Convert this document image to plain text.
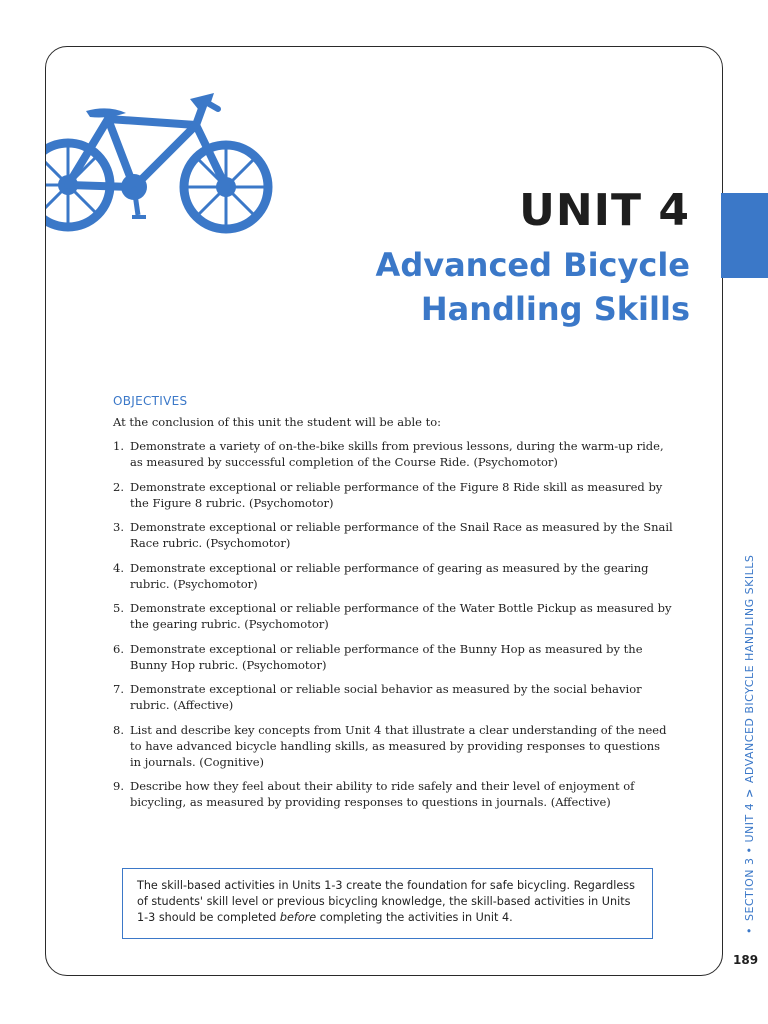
UNIT 4
Advanced Bicycle
Handling Skills

OBJECTIVES

At the conclusion of this unit the student will be able to:

1. Demonstrate a variety of on-the-bike skills from previous lessons, during the warm-up ride, as measured by successful completion of the Course Ride. (Psychomotor)
2. Demonstrate exceptional or reliable performance of the Figure 8 Ride skill as measured by the Figure 8 rubric. (Psychomotor)
3. Demonstrate exceptional or reliable performance of the Snail Race as measured by the Snail Race rubric. (Psychomotor)
4. Demonstrate exceptional or reliable performance of gearing as measured by the gearing rubric. (Psychomotor)
5. Demonstrate exceptional or reliable performance of the Water Bottle Pickup as measured by the gearing rubric. (Psychomotor)
6. Demonstrate exceptional or reliable performance of the Bunny Hop as measured by the Bunny Hop rubric. (Psychomotor)
7. Demonstrate exceptional or reliable social behavior as measured by the social behavior rubric. (Affective)
8. List and describe key concepts from Unit 4 that illustrate a clear understanding of the need to have advanced bicycle handling skills, as measured by providing responses to questions in journals. (Cognitive)
9. Describe how they feel about their ability to ride safely and their level of enjoyment of bicycling, as measured by providing responses to questions in journals. (Affective)
The skill-based activities in Units 1-3 create the foundation for safe bicycling. Regardless of students' skill level or previous bicycling knowledge, the skill-based activities in Units 1-3 should be completed before completing the activities in Unit 4.
•SECTION 3 • UNIT 4>ADVANCED BICYCLE HANDLING SKILLS
189
